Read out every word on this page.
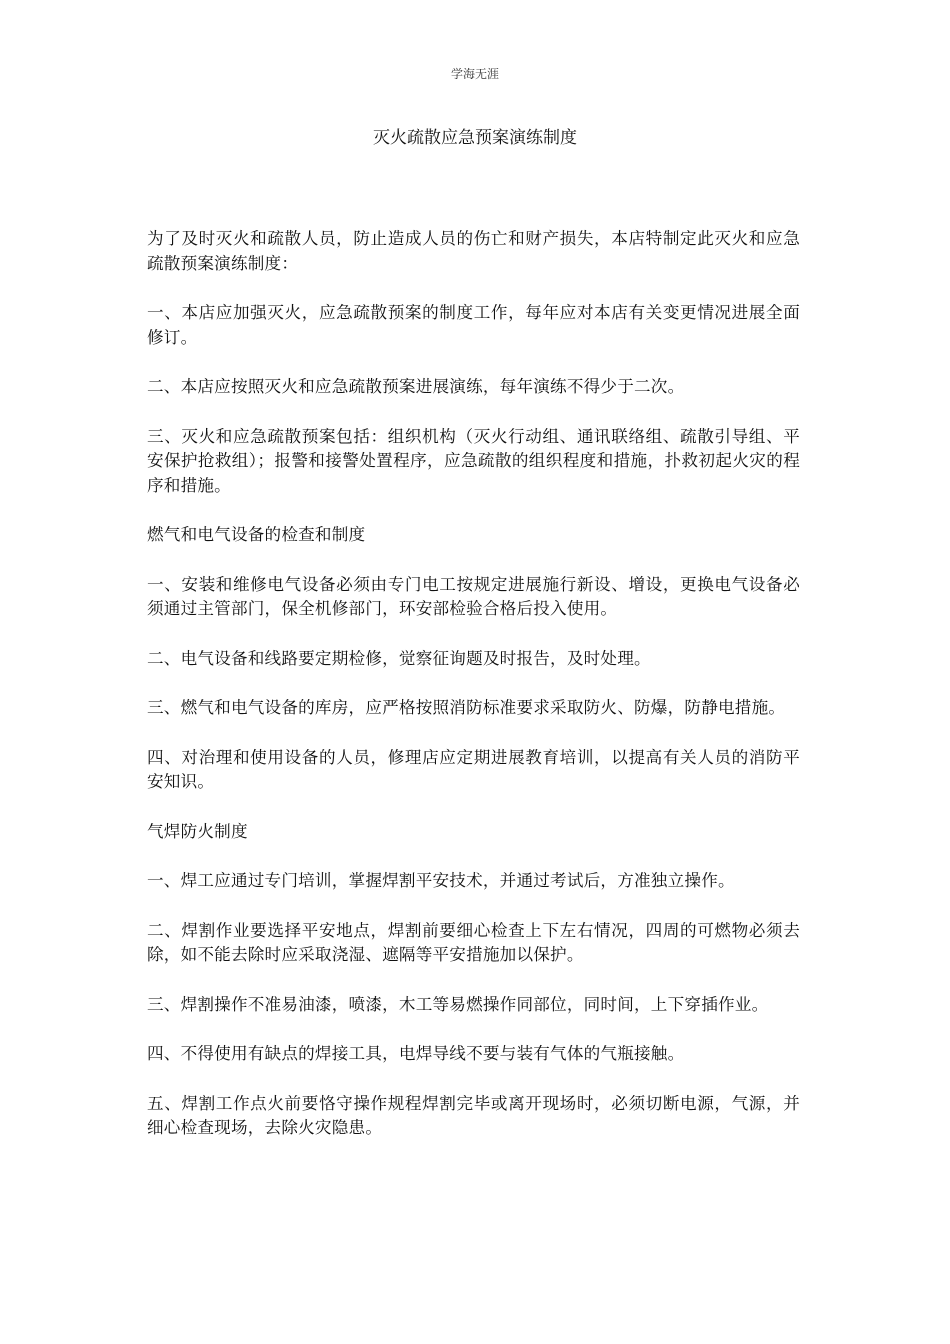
学海无涯
灭火疏散应急预案演练制度

为了及时灭火和疏散人员，防止造成人员的伤亡和财产损失，本店特制定此灭火和应急疏散预案演练制度：

一、本店应加强灭火，应急疏散预案的制度工作，每年应对本店有关变更情况进展全面修订。

二、本店应按照灭火和应急疏散预案进展演练，每年演练不得少于二次。

三、灭火和应急疏散预案包括：组织机构（灭火行动组、通讯联络组、疏散引导组、平安保护抢救组）；报警和接警处置程序，应急疏散的组织程度和措施，扑救初起火灾的程序和措施。

燃气和电气设备的检查和制度

一、安装和维修电气设备必须由专门电工按规定进展施行新设、增设，更换电气设备必须通过主管部门，保全机修部门，环安部检验合格后投入使用。

二、电气设备和线路要定期检修，觉察征询题及时报告，及时处理。

三、燃气和电气设备的库房，应严格按照消防标准要求采取防火、防爆，防静电措施。

四、对治理和使用设备的人员，修理店应定期进展教育培训，以提高有关人员的消防平安知识。

气焊防火制度

一、焊工应通过专门培训，掌握焊割平安技术，并通过考试后，方准独立操作。

二、焊割作业要选择平安地点，焊割前要细心检查上下左右情况，四周的可燃物必须去除，如不能去除时应采取浇湿、遮隔等平安措施加以保护。

三、焊割操作不准易油漆，喷漆，木工等易燃操作同部位，同时间，上下穿插作业。

四、不得使用有缺点的焊接工具，电焊导线不要与装有气体的气瓶接触。

五、焊割工作点火前要恪守操作规程焊割完毕或离开现场时，必须切断电源，气源，并细心检查现场，去除火灾隐患。
